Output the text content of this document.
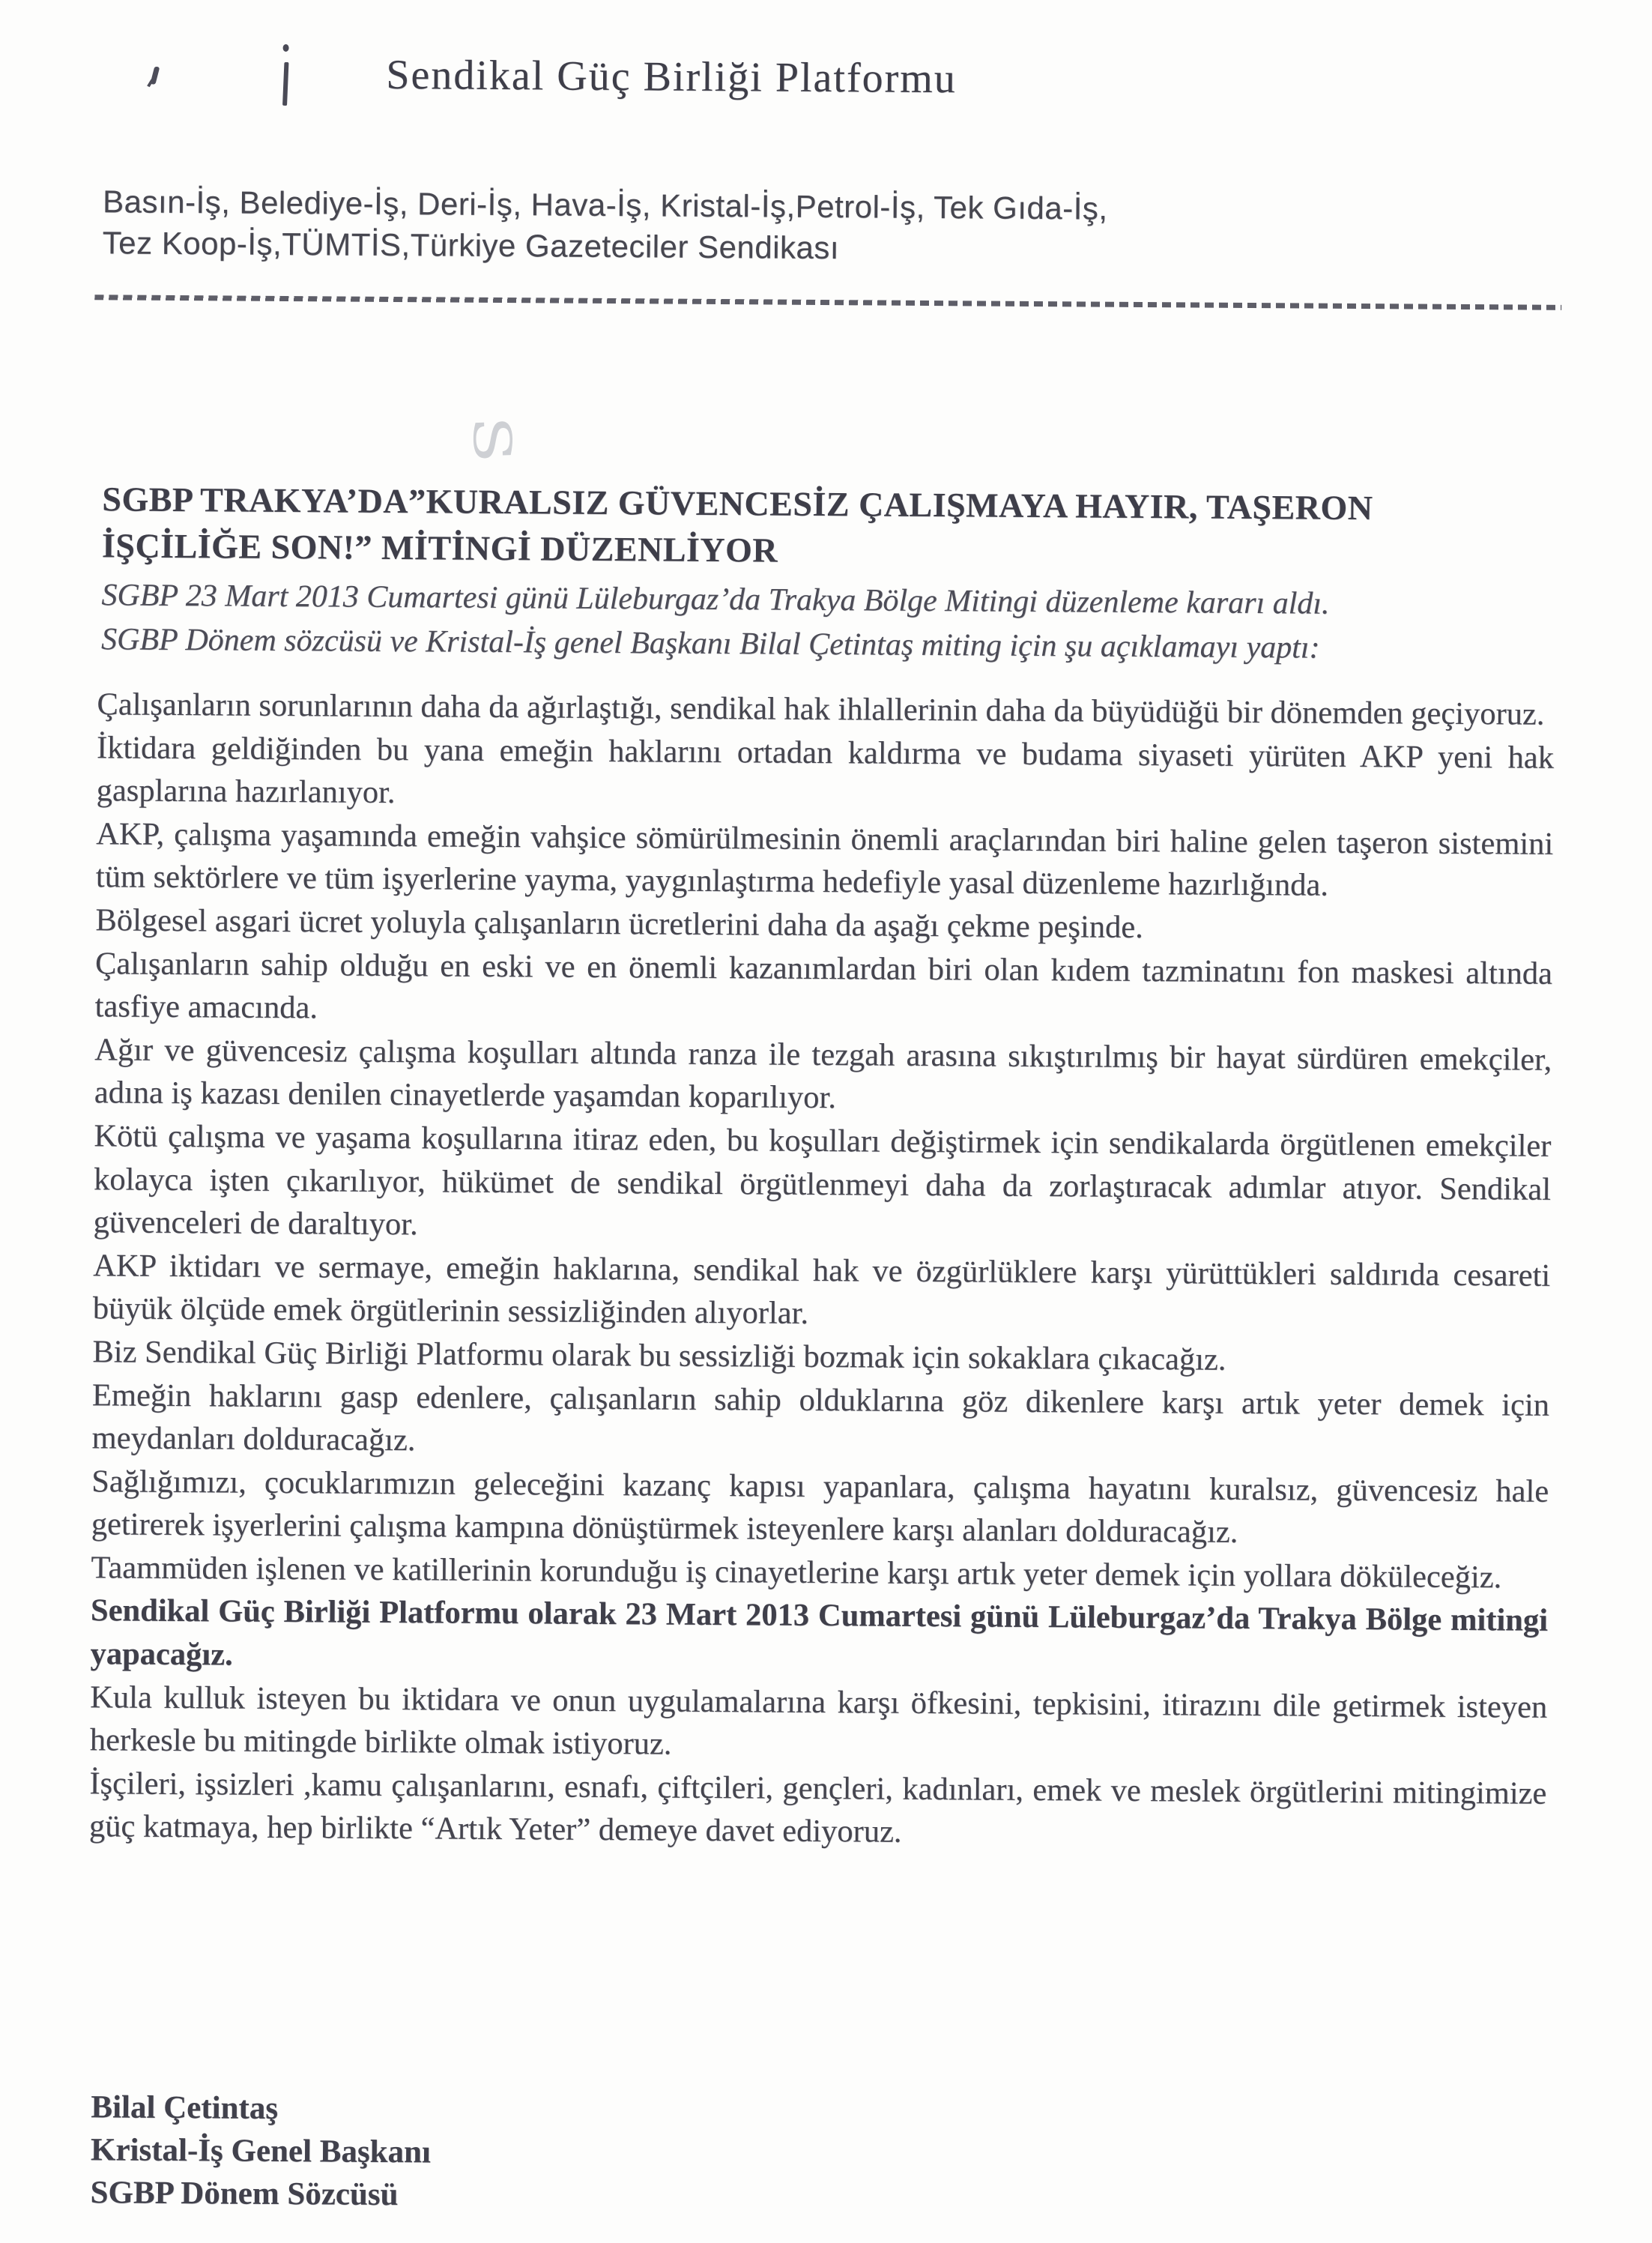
S
Sendikal Güç Birliği Platformu
Basın-İş, Belediye-İş, Deri-İş, Hava-İş, Kristal-İş,Petrol-İş, Tek Gıda-İş,
Tez Koop-İş,TÜMTİS,Türkiye Gazeteciler Sendikası
SGBP TRAKYA’DA”KURALSIZ GÜVENCESİZ ÇALIŞMAYA HAYIR, TAŞERON
İŞÇİLİĞE SON!” MİTİNGİ DÜZENLİYOR
SGBP 23 Mart 2013 Cumartesi günü Lüleburgaz’da Trakya Bölge Mitingi düzenleme kararı aldı.
SGBP Dönem sözcüsü ve Kristal-İş genel Başkanı Bilal Çetintaş miting için şu açıklamayı yaptı:

Çalışanların sorunlarının daha da ağırlaştığı, sendikal hak ihlallerinin daha da büyüdüğü bir dönemden geçiyoruz.

İktidara geldiğinden bu yana emeğin haklarını ortadan kaldırma ve budama siyaseti yürüten AKP yeni hak gasplarına hazırlanıyor.

AKP, çalışma yaşamında emeğin vahşice sömürülmesinin önemli araçlarından biri haline gelen taşeron sistemini tüm sektörlere ve tüm işyerlerine yayma, yaygınlaştırma hedefiyle yasal düzenleme hazırlığında.

Bölgesel asgari ücret yoluyla çalışanların ücretlerini daha da aşağı çekme peşinde.

Çalışanların sahip olduğu en eski ve en önemli kazanımlardan biri olan kıdem tazminatını fon maskesi altında tasfiye amacında.

Ağır ve güvencesiz çalışma koşulları altında ranza ile tezgah arasına sıkıştırılmış bir hayat sürdüren emekçiler, adına iş kazası denilen cinayetlerde yaşamdan koparılıyor.

Kötü çalışma ve yaşama koşullarına itiraz eden, bu koşulları değiştirmek için sendikalarda örgütlenen emekçiler kolayca işten çıkarılıyor, hükümet de sendikal örgütlenmeyi daha da zorlaştıracak adımlar atıyor. Sendikal güvenceleri de daraltıyor.

AKP iktidarı ve sermaye, emeğin haklarına, sendikal hak ve özgürlüklere karşı yürüttükleri saldırıda cesareti büyük ölçüde emek örgütlerinin sessizliğinden alıyorlar.

Biz Sendikal Güç Birliği Platformu olarak bu sessizliği bozmak için sokaklara çıkacağız.

Emeğin haklarını gasp edenlere, çalışanların sahip olduklarına göz dikenlere karşı artık yeter demek için meydanları dolduracağız.

Sağlığımızı, çocuklarımızın geleceğini kazanç kapısı yapanlara, çalışma hayatını kuralsız, güvencesiz hale getirerek işyerlerini çalışma kampına dönüştürmek isteyenlere karşı alanları dolduracağız.

Taammüden işlenen ve katillerinin korunduğu iş cinayetlerine karşı artık yeter demek için yollara döküleceğiz.

Sendikal Güç Birliği Platformu olarak 23 Mart 2013 Cumartesi günü Lüleburgaz’da Trakya Bölge mitingi yapacağız.

Kula kulluk isteyen bu iktidara ve onun uygulamalarına karşı öfkesini, tepkisini, itirazını dile getirmek isteyen herkesle bu mitingde birlikte olmak istiyoruz.

İşçileri, işsizleri ,kamu çalışanlarını, esnafı, çiftçileri, gençleri, kadınları, emek ve meslek örgütlerini mitingimize güç katmaya, hep birlikte “Artık Yeter” demeye davet ediyoruz.

Bilal Çetintaş
Kristal-İş Genel Başkanı
SGBP Dönem Sözcüsü
